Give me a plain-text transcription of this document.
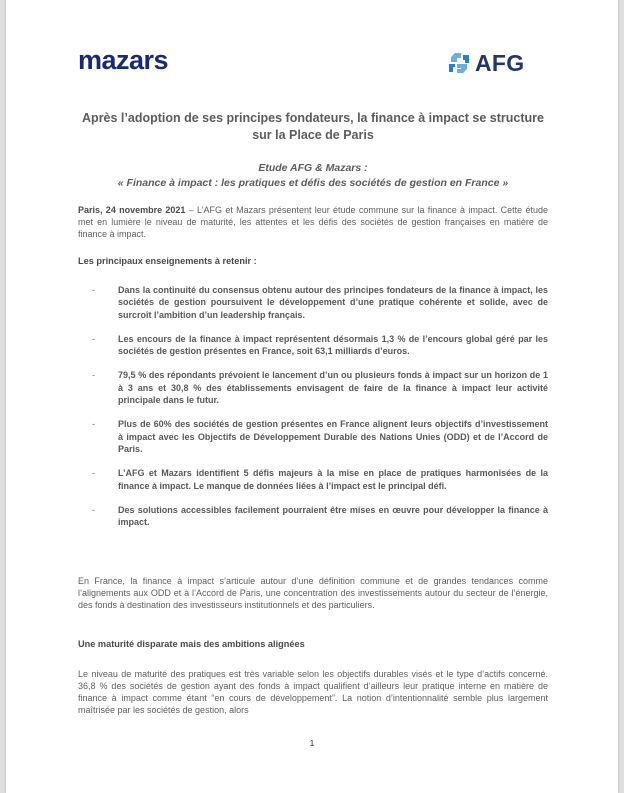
mazars	AFG
Après l’adoption de ses principes fondateurs, la finance à impact se structure sur la Place de Paris
Etude AFG & Mazars :
« Finance à impact : les pratiques et défis des sociétés de gestion en France »
Paris, 24 novembre 2021 – L’AFG et Mazars présentent leur étude commune sur la finance à impact. Cette étude met en lumière le niveau de maturité, les attentes et les défis des sociétés de gestion françaises en matière de finance à impact.
Les principaux enseignements à retenir :
-	Dans la continuité du consensus obtenu autour des principes fondateurs de la finance à impact, les sociétés de gestion poursuivent le développement d’une pratique cohérente et solide, avec de surcroît l’ambition d’un leadership français.
-	Les encours de la finance à impact représentent désormais 1,3 % de l’encours global géré par les sociétés de gestion présentes en France, soit 63,1 milliards d’euros.
-	79,5 % des répondants prévoient le lancement d’un ou plusieurs fonds à impact sur un horizon de 1 à 3 ans et 30,8 % des établissements envisagent de faire de la finance à impact leur activité principale dans le futur.
-	Plus de 60% des sociétés de gestion présentes en France alignent leurs objectifs d’investissement à impact avec les Objectifs de Développement Durable des Nations Unies (ODD) et de l’Accord de Paris.
-	L’AFG et Mazars identifient 5 défis majeurs à la mise en place de pratiques harmonisées de la finance à impact. Le manque de données liées à l’impact est le principal défi.
-	Des solutions accessibles facilement pourraient être mises en œuvre pour développer la finance à impact.
En France, la finance à impact s’articule autour d’une définition commune et de grandes tendances comme l’alignements aux ODD et à l’Accord de Paris, une concentration des investissements autour du secteur de l’énergie, des fonds à destination des investisseurs institutionnels et des particuliers.
Une maturité disparate mais des ambitions alignées
Le niveau de maturité des pratiques est très variable selon les objectifs durables visés et le type d’actifs concerné. 36,8 % des sociétés de gestion ayant des fonds à impact qualifient d’ailleurs leur pratique interne en matière de finance à impact comme étant “en cours de développement”. La notion d’intentionnalité semble plus largement maîtrisée par les sociétés de gestion, alors
1
